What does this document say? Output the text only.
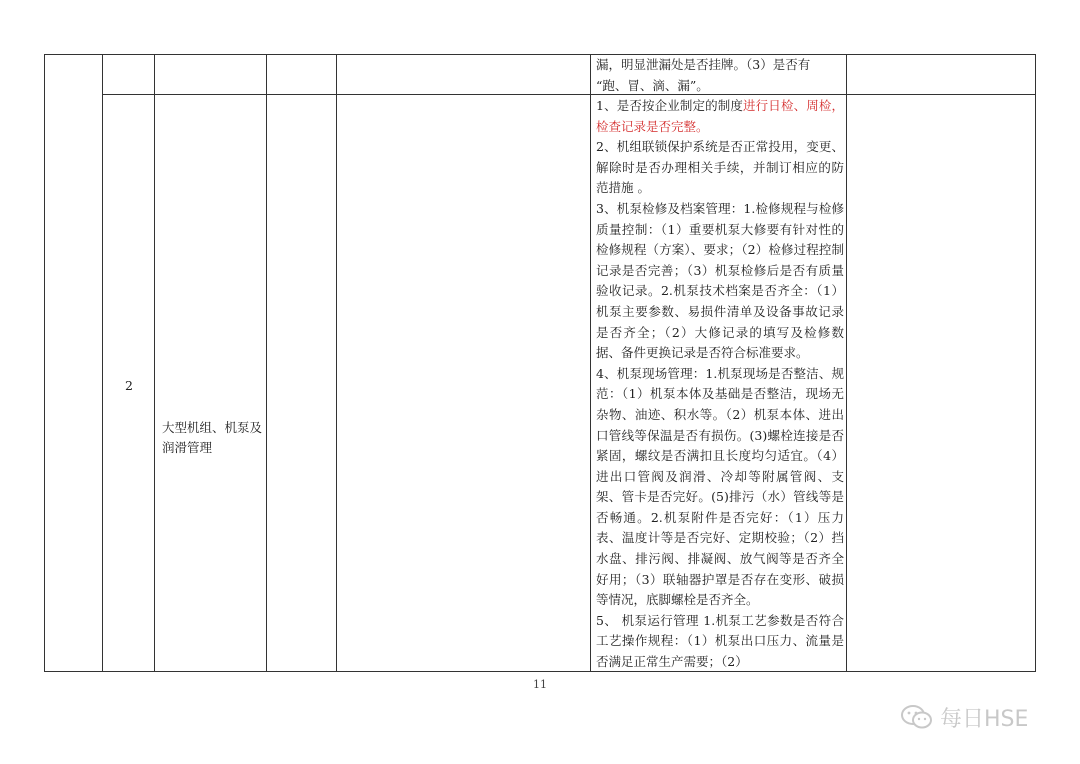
漏，明显泄漏处是否挂牌。（3）是否有

“跑、冒、滴、漏”。

2
大型机组、机泵及润滑管理

1、是否按企业制定的制度进行日检、周检，检查记录是否完整。

2、机组联锁保护系统是否正常投用，变更、解除时是否办理相关手续，并制订相应的防范措施 。

3、机泵检修及档案管理：1.检修规程与检修质量控制：（1）重要机泵大修要有针对性的检修规程（方案）、要求；（2）检修过程控制记录是否完善；（3）机泵检修后是否有质量验收记录。2.机泵技术档案是否齐全：（1）机泵主要参数、易损件清单及设备事故记录是否齐全；（2）大修记录的填写及检修数据、备件更换记录是否符合标准要求。

4、机泵现场管理：1.机泵现场是否整洁、规范：（1）机泵本体及基础是否整洁，现场无杂物、油迹、积水等。（2）机泵本体、进出口管线等保温是否有损伤。(3)螺栓连接是否紧固，螺纹是否满扣且长度均匀适宜。（4）进出口管阀及润滑、冷却等附属管阀、支架、管卡是否完好。(5)排污（水）管线等是否畅通。2.机泵附件是否完好：（1）压力表、温度计等是否完好、定期校验；（2）挡水盘、排污阀、排凝阀、放气阀等是否齐全好用；（3）联轴器护罩是否存在变形、破损等情况，底脚螺栓是否齐全。

5、 机泵运行管理 1.机泵工艺参数是否符合工艺操作规程：（1）机泵出口压力、流量是否满足正常生产需要；（2）

11
每日HSE
